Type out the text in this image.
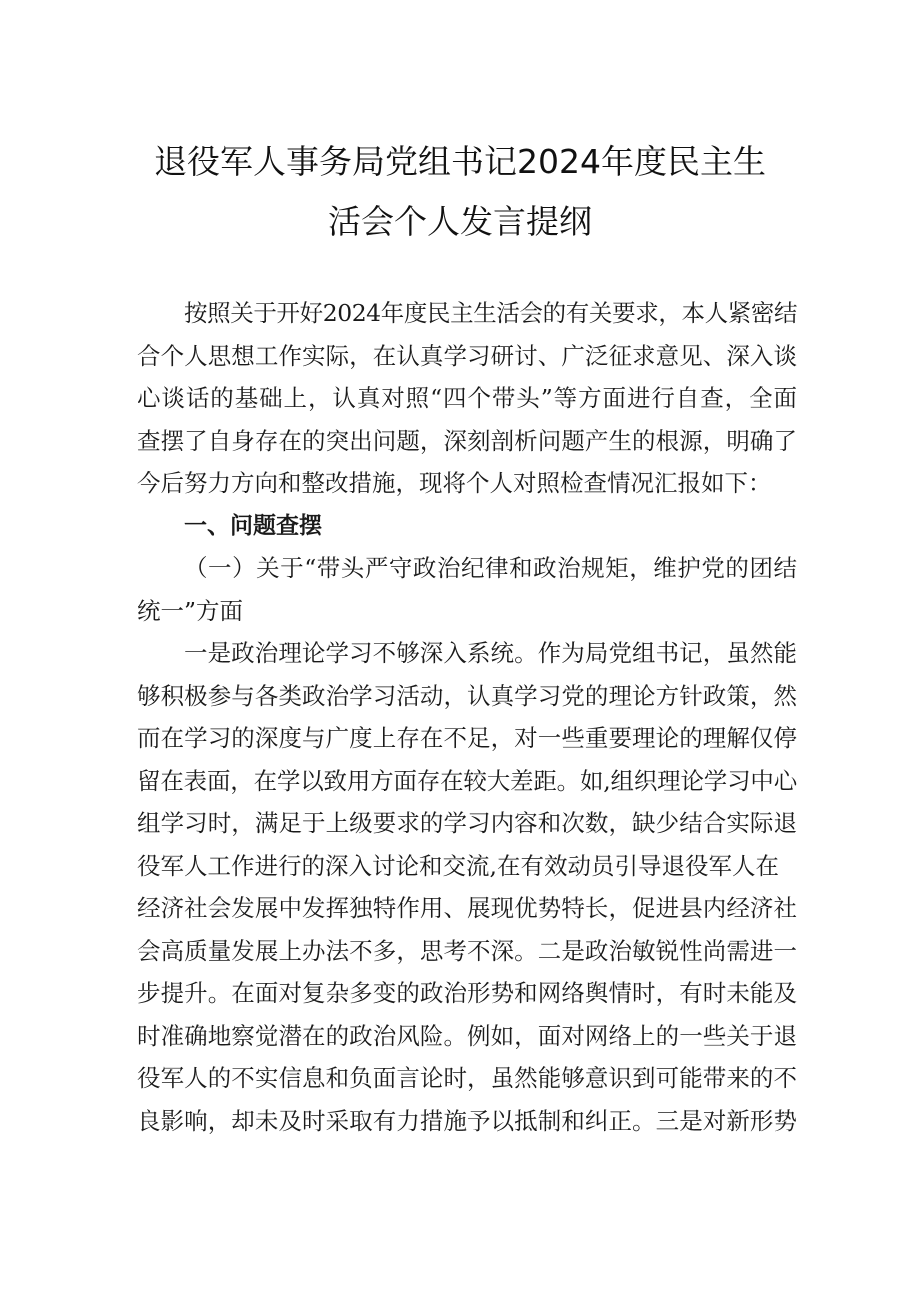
退役军人事务局党组书记2024年度民主生
活会个人发言提纲
按照关于开好2024年度民主生活会的有关要求，本人紧密结
合个人思想工作实际，在认真学习研讨、广泛征求意见、深入谈
心谈话的基础上，认真对照“四个带头”等方面进行自查，全面
查摆了自身存在的突出问题，深刻剖析问题产生的根源，明确了
今后努力方向和整改措施，现将个人对照检查情况汇报如下：
一、问题查摆
（一）关于“带头严守政治纪律和政治规矩，维护党的团结
统一”方面
一是政治理论学习不够深入系统。作为局党组书记，虽然能
够积极参与各类政治学习活动，认真学习党的理论方针政策，然
而在学习的深度与广度上存在不足，对一些重要理论的理解仅停
留在表面，在学以致用方面存在较大差距。如,组织理论学习中心
组学习时，满足于上级要求的学习内容和次数，缺少结合实际退
役军人工作进行的深入讨论和交流,在有效动员引导退役军人在
经济社会发展中发挥独特作用、展现优势特长，促进县内经济社
会高质量发展上办法不多，思考不深。二是政治敏锐性尚需进一
步提升。在面对复杂多变的政治形势和网络舆情时，有时未能及
时准确地察觉潜在的政治风险。例如，面对网络上的一些关于退
役军人的不实信息和负面言论时，虽然能够意识到可能带来的不
良影响，却未及时采取有力措施予以抵制和纠正。三是对新形势
